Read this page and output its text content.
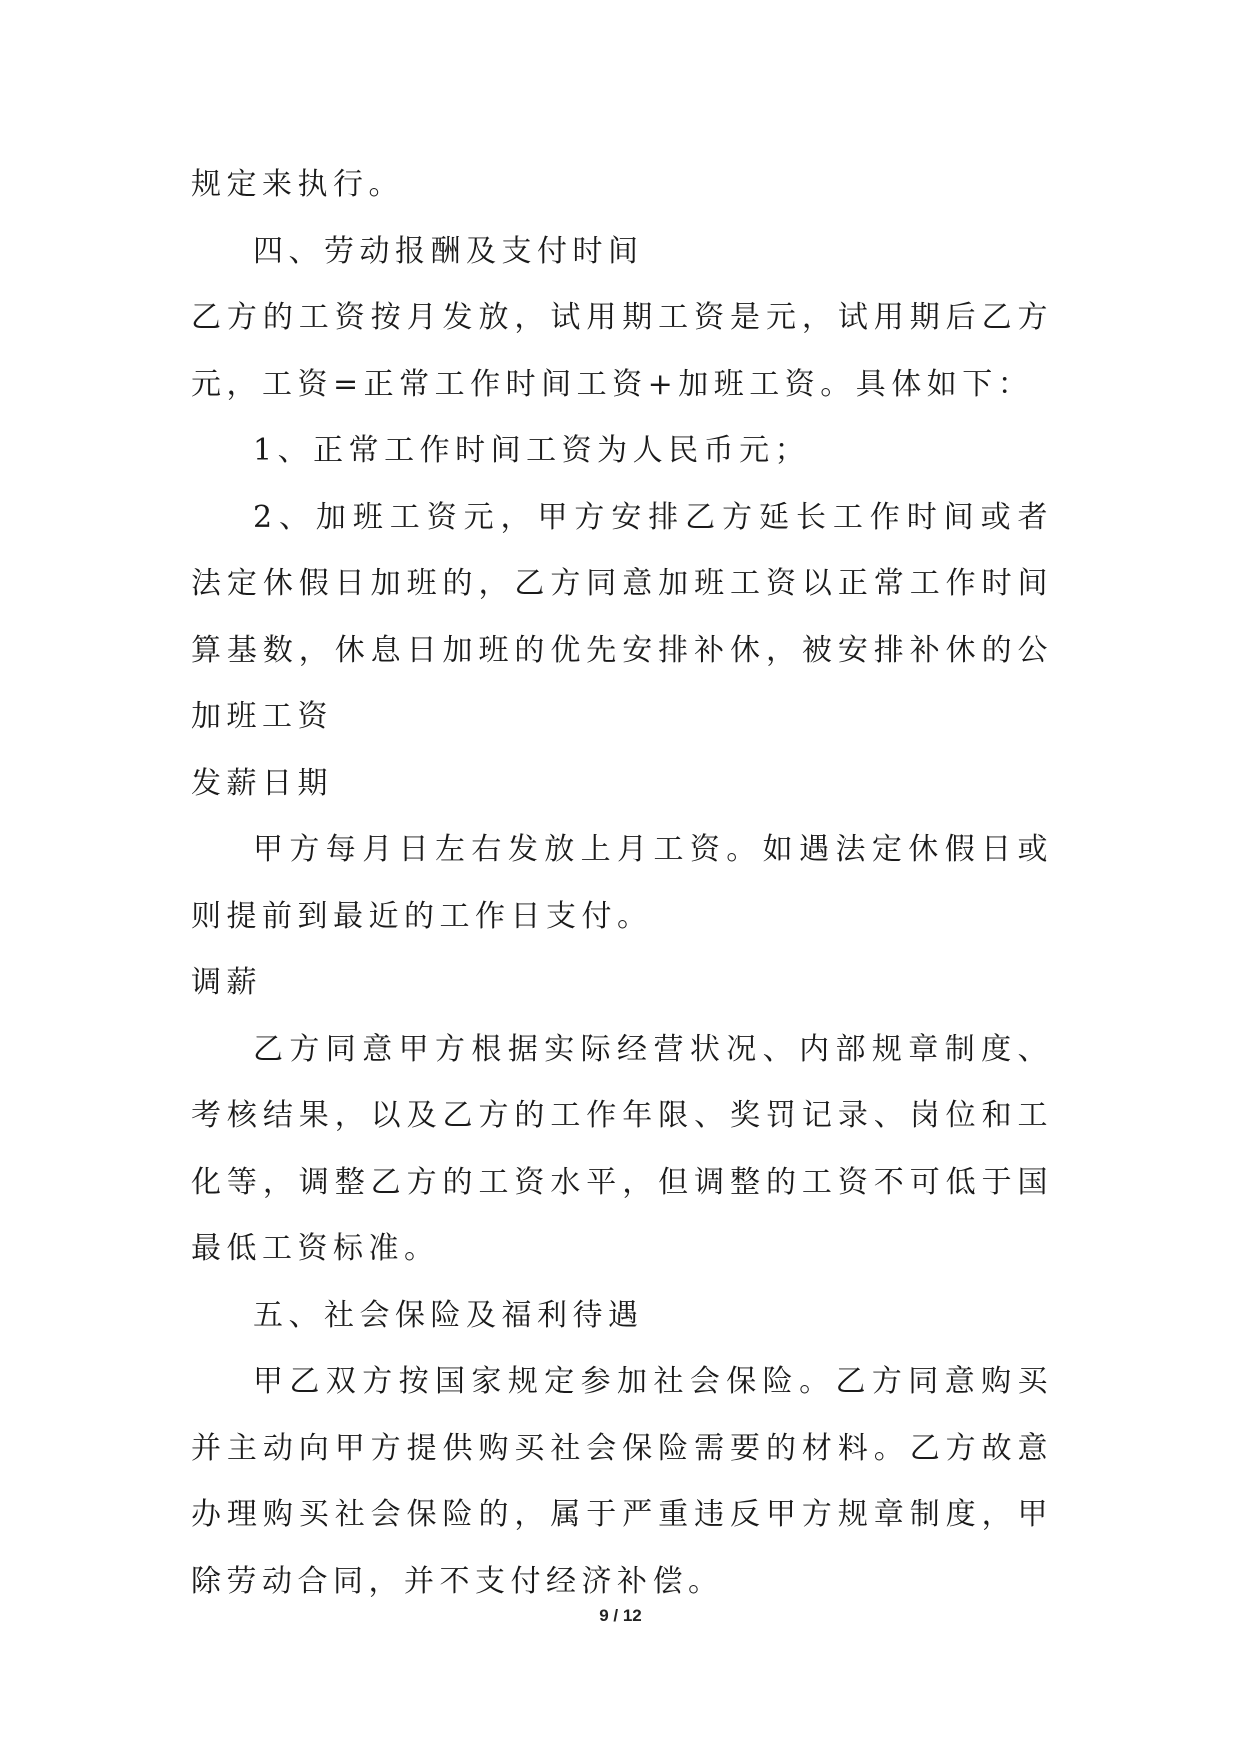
规定来执行。
四、劳动报酬及支付时间
乙方的工资按月发放，试用期工资是元，试用期后乙方
元，工资=正常工作时间工资+加班工资。具体如下：
1、正常工作时间工资为人民币元；
2、加班工资元，甲方安排乙方延长工作时间或者
法定休假日加班的，乙方同意加班工资以正常工作时间
算基数，休息日加班的优先安排补休，被安排补休的公
加班工资
发薪日期
甲方每月日左右发放上月工资。如遇法定休假日或
则提前到最近的工作日支付。
调薪
乙方同意甲方根据实际经营状况、内部规章制度、
考核结果，以及乙方的工作年限、奖罚记录、岗位和工
化等，调整乙方的工资水平，但调整的工资不可低于国
最低工资标准。
五、社会保险及福利待遇
甲乙双方按国家规定参加社会保险。乙方同意购买
并主动向甲方提供购买社会保险需要的材料。乙方故意
办理购买社会保险的，属于严重违反甲方规章制度，甲
除劳动合同，并不支付经济补偿。
9 / 12
